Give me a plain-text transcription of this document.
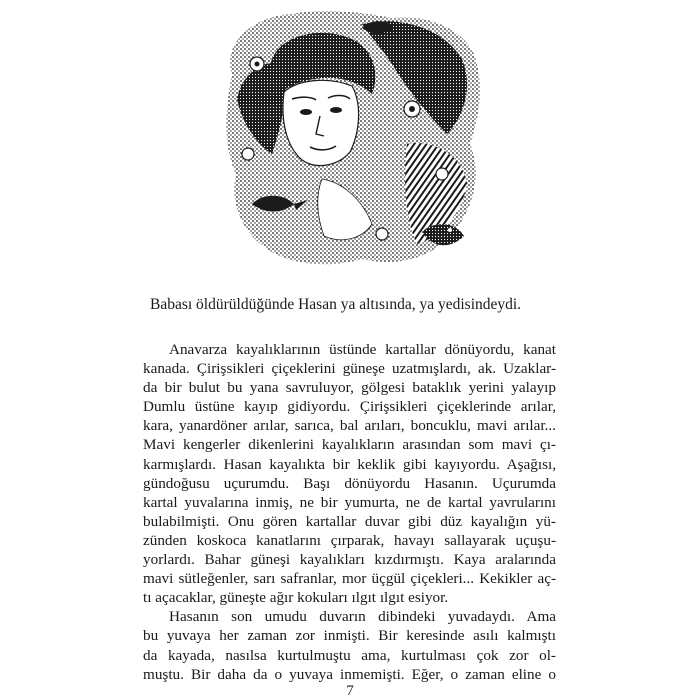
Babası öldürüldüğünde Hasan ya altısında, ya yedisindeydi.
Anavarza kayalıklarının üstünde kartallar dönüyordu, kanat
kanada. Çirişsikleri çiçeklerini güneşe uzatmışlardı, ak. Uzaklar-
da bir bulut bu yana savruluyor, gölgesi bataklık yerini yalayıp
Dumlu üstüne kayıp gidiyordu. Çirişsikleri çiçeklerinde arılar,
kara, yanardöner arılar, sarıca, bal arıları, boncuklu, mavi arılar...
Mavi kengerler dikenlerini kayalıkların arasından som mavi çı-
karmışlardı. Hasan kayalıkta bir keklik gibi kayıyordu. Aşağısı,
gündoğusu uçurumdu. Başı dönüyordu Hasanın. Uçurumda
kartal yuvalarına inmiş, ne bir yumurta, ne de kartal yavrularını
bulabilmişti. Onu gören kartallar duvar gibi düz kayalığın yü-
zünden koskoca kanatlarını çırparak, havayı sallayarak uçuşu-
yorlardı. Bahar güneşi kayalıkları kızdırmıştı. Kaya aralarında
mavi sütleğenler, sarı safranlar, mor üçgül çiçekleri... Kekikler aç-
tı açacaklar, güneşte ağır kokuları ılgıt ılgıt esiyor.
Hasanın son umudu duvarın dibindeki yuvadaydı. Ama
bu yuvaya her zaman zor inmişti. Bir keresinde asılı kalmıştı
da kayada, nasılsa kurtulmuştu ama, kurtulması çok zor ol-
muştu. Bir daha da o yuvaya inmemişti. Eğer, o zaman eline o
7
